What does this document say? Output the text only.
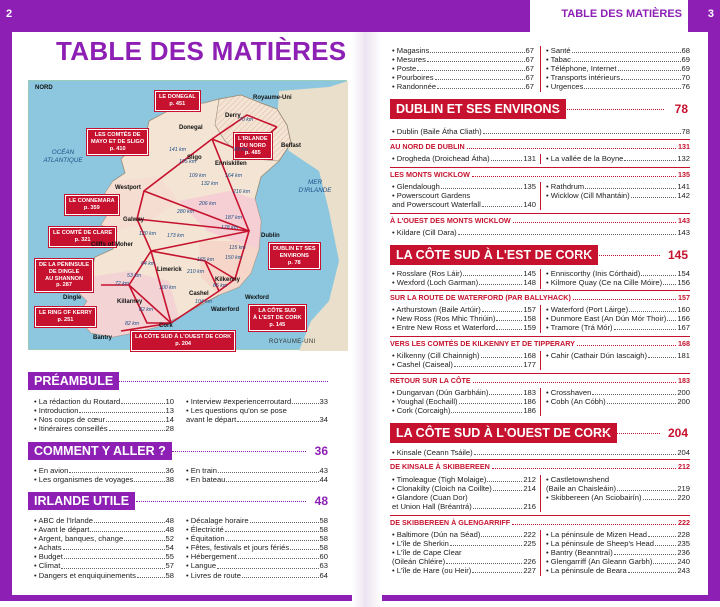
2	3
TABLE DES MATIÈRES
TABLE DES MATIÈRES
NORD
OCÉAN
ATLANTIQUE
MER
D'IRLANDE
ROYAUME-UNI
LE DONEGAL
p. 451
LES COMTÉS DE
MAYO ET DE SLIGO
p. 410
L'IRLANDE
DU NORD
p. 485
LE CONNEMARA
p. 359
LE COMTÉ DE CLARE
p. 321
DUBLIN ET SES
ENVIRONS
p. 78
DE LA PÉNINSULE
DE DINGLE
AU SHANNON
p. 287
LE RING OF KERRY
p. 251
LA CÔTE SUD
À L'EST DE CORK
p. 145
LA CÔTE SUD À L'OUEST DE CORK
p. 204
Royaume-Uni
Derry
Donegal
Enniskillen
Belfast
Sligo
Westport
Galway
Cliffs of Moher
Dublin
Limerick
Kilkenny
Dingle
Killarney
Cashel
Wexford
Waterford
Cork
Bantry
70 km
89 km
105 km
109 km
141 km
132 km
164 km
216 km
280 km
206 km
187 km
178 km
173 km
120 km
115 km
165 km 150 km
64 km
53 km
100 km
210 km
72 km	85 km
104 km
82 km
82 km
PRÉAMBULE
• La rédaction du Routard	10
• Introduction	13
• Nos coups de cœur	14
• Itinéraires conseillés	28
• Interview #experiencerroutard	33
• Les questions qu'on se pose
avant le départ	34
COMMENT Y ALLER ?	36
• En avion	36
• Les organismes de voyages	38
• En train	43
• En bateau	44
IRLANDE UTILE	48
• ABC de l'Irlande	48
• Avant le départ	48
• Argent, banques, change	52
• Achats	54
• Budget	55
• Climat	57
• Dangers et enquiquinements	58
• Décalage horaire	58
• Électricité	58
• Équitation	58
• Fêtes, festivals et jours fériés	58
• Hébergement	60
• Langue	63
• Livres de route	64
• Magasins	67
• Mesures	67
• Poste	67
• Pourboires	67
• Randonnée	67
• Santé	68
• Tabac	69
• Téléphone, Internet	69
• Transports intérieurs	70
• Urgences	76
DUBLIN ET SES ENVIRONS	78
• Dublin (Baile Átha Cliath)	78
AU NORD DE DUBLIN	131
• Drogheda (Droichead Átha)	131	• La vallée de la Boyne	132
LES MONTS WICKLOW	135
• Glendalough	135
• Powerscourt Gardens
and Powerscourt Waterfall	140
• Rathdrum	141
• Wicklow (Cill Mhantáin)	142
À L'OUEST DES MONTS WICKLOW	143
• Kildare (Cill Dara)	143
LA CÔTE SUD À L'EST DE CORK	145
• Rosslare (Ros Láir)	145
• Wexford (Loch Garman)	148
• Enniscorthy (Inis Córthaid)	154
• Kilmore Quay (Ce na Cille Móire) 156
SUR LA ROUTE DE WATERFORD (PAR BALLYHACK)	157
• Arthurstown (Baile Artúir)	157
• New Ross (Ros Mhic Thriúin)	158
• Entre New Ross et Waterford	159
• Waterford (Port Láirge)	160
• Dunmore East (An Dún Mór Thoir) 166
• Tramore (Trá Mór)	167
VERS LES COMTÉS DE KILKENNY ET DE TIPPERARY	168
• Kilkenny (Cill Chainnigh)	168
• Cashel (Caiseal)	177
• Cahir (Cathair Dún Iascaigh)	181
RETOUR SUR LA CÔTE	183
• Dungarvan (Dún Garbháin)	183
• Youghal (Eochaill)	186
• Cork (Corcaigh)	186
• Crosshaven	200
• Cobh (An Cóbh)	200
LA CÔTE SUD À L'OUEST DE CORK	204
• Kinsale (Ceann Tsáile)	204
DE KINSALE À SKIBBEREEN	212
• Timoleague (Tigh Molaige)	212
• Clonakilty (Cloich na Coillte)	214
• Glandore (Cuan Dor)
et Union Hall (Bréantrá)	216
• Castletownshend
(Baile an Chaisleáin)	219
• Skibbereen (An Sciobairín)	220
DE SKIBBEREEN À GLENGARRIFF	222
• Baltimore (Dún na Séad)	222
• L'île de Sherkin	225
• L'île de Cape Clear
(Oileán Chléire)	226
• L'île de Hare (ou Heir)	227
• La péninsule de Mizen Head	228
• La péninsule de Sheep's Head	235
• Bantry (Beanntraí)	236
• Glengarriff (An Gleann Garbh)	240
• La péninsule de Beara	243
